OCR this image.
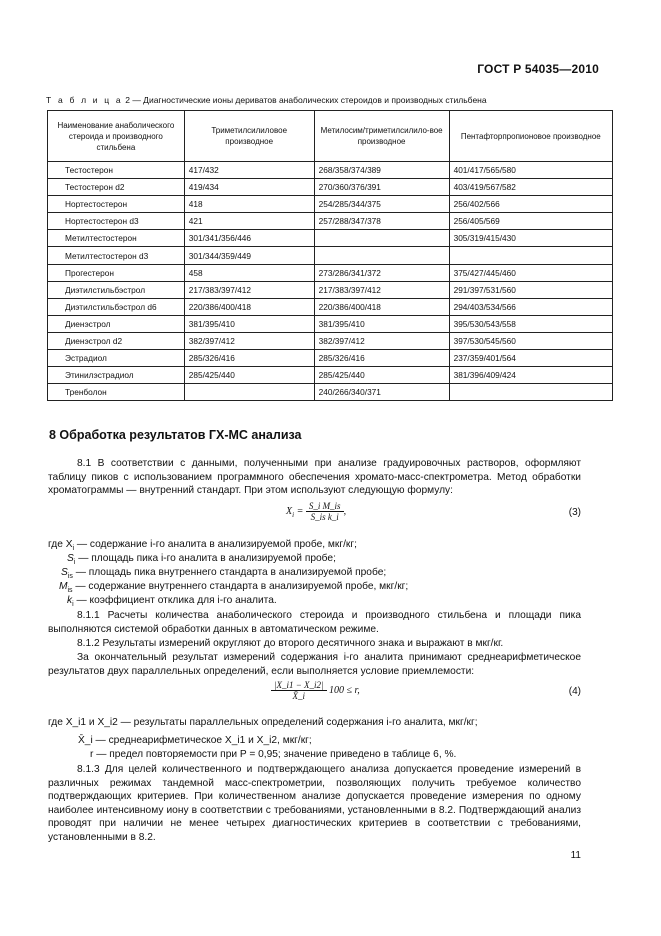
ГОСТ Р 54035—2010
Т а б л и ц а 2 — Диагностические ионы дериватов анаболических стероидов и производных стильбена
Наименование анаболического стероида и производного стильбена	Триметилсилиловое производное	Метилосим/триметилсилило-вое производное	Пентафторпропионовое производное
Тестостерон	417/432	268/358/374/389	401/417/565/580
Тестостерон d2	419/434	270/360/376/391	403/419/567/582
Нортестостерон	418	254/285/344/375	256/402/566
Нортестостерон d3	421	257/288/347/378	256/405/569
Метилтестостерон	301/341/356/446		305/319/415/430
Метилтестостерон d3	301/344/359/449		
Прогестерон	458	273/286/341/372	375/427/445/460
Диэтилстильбэстрол	217/383/397/412	217/383/397/412	291/397/531/560
Диэтилстильбэстрол d6	220/386/400/418	220/386/400/418	294/403/534/566
Диенэстрол	381/395/410	381/395/410	395/530/543/558
Диенэстрол d2	382/397/412	382/397/412	397/530/545/560
Эстрадиол	285/326/416	285/326/416	237/359/401/564
Этинилэстрадиол	285/425/440	285/425/440	381/396/409/424
Тренболон		240/266/340/371	
8 Обработка результатов ГХ-МС анализа
8.1 В соответствии с данными, полученными при анализе градуировочных растворов, оформляют таблицу пиков с использованием программного обеспечения хромато-масс-спектрометра. Метод обработки хроматограммы — внутренний стандарт. При этом используют следующую формулу:
$X_i = \frac{\text{S\_i M\_is}}{\text{S\_is k\_i}}$ ,	(3)
где $X_i$ — содержание i-го аналита в анализируемой пробе, мкг/кг;
$S_i$ — площадь пика i-го аналита в анализируемой пробе;
$S_{is}$ — площадь пика внутреннего стандарта в анализируемой пробе;
$M_{is}$ — содержание внутреннего стандарта в анализируемой пробе, мкг/кг;
$k_i$ — коэффициент отклика для i-го аналита.
8.1.1 Расчеты количества анаболического стероида и производного стильбена и площади пика выполняются системой обработки данных в автоматическом режиме.
8.1.2 Результаты измерений округляют до второго десятичного знака и выражают в мкг/кг.
За окончательный результат измерений содержания i-го аналита принимают среднеарифметическое результатов двух параллельных определений, если выполняется условие приемлемости:
$\frac{|X\_i1 - X\_i2|}{X̄\_i} 100 \le r$,	(4)
где X_i1 и X_i2 — результаты параллельных определений содержания i-го аналита, мкг/кг;
X̄_i — среднеарифметическое X_i1 и X_i2, мкг/кг;
r — предел повторяемости при P = 0,95; значение приведено в таблице 6, %.
8.1.3 Для целей количественного и подтверждающего анализа допускается проведение измерений в различных режимах тандемной масс-спектрометрии, позволяющих получить требуемое количество подтверждающих критериев. При количественном анализе допускается проведение измерения по одному наиболее интенсивному иону в соответствии с требованиями, установленными в 8.2. Подтверждающий анализ проводят при наличии не менее четырех диагностических критериев в соответствии с требованиями, установленными в 8.2.
11
